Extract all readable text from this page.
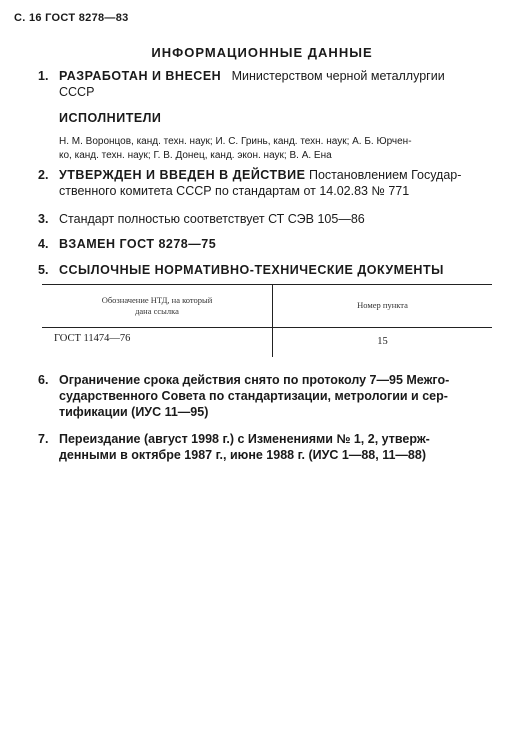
С. 16 ГОСТ 8278—83
ИНФОРМАЦИОННЫЕ ДАННЫЕ
1. РАЗРАБОТАН И ВНЕСЕН Министерством черной металлургии
СССР
ИСПОЛНИТЕЛИ
Н. М. Воронцов, канд. техн. наук; И. С. Гринь, канд. техн. наук; А. Б. Юрчен-
ко, канд. техн. наук; Г. В. Донец, канд. экон. наук; В. А. Ена
2. УТВЕРЖДЕН И ВВЕДЕН В ДЕЙСТВИЕ Постановлением Государ-
ственного комитета СССР по стандартам от 14.02.83 № 771
3. Стандарт полностью соответствует СТ СЭВ 105—86
4. ВЗАМЕН ГОСТ 8278—75
5. ССЫЛОЧНЫЕ НОРМАТИВНО-ТЕХНИЧЕСКИЕ ДОКУМЕНТЫ
Обозначение НТД, на который
дана ссылка	Номер пункта
ГОСТ 11474—76	15
6. Ограничение срока действия снято по протоколу 7—95 Межго-
сударственного Совета по стандартизации, метрологии и сер-
тификации (ИУС 11—95)
7. Переиздание (август 1998 г.) с Изменениями № 1, 2, утверж-
денными в октябре 1987 г., июне 1988 г. (ИУС 1—88, 11—88)
